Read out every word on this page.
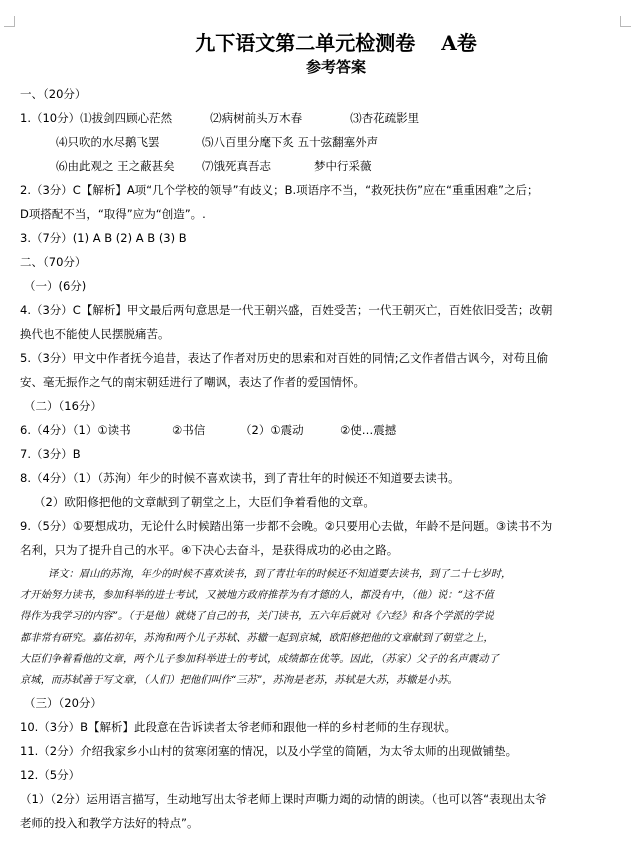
九下语文第二单元检测卷 A卷
参考答案
一、（20分）
1.（10分）⑴拔剑四顾心茫然	⑵病树前头万木春	⑶杏花疏影里
⑷只吹的水尽鹅飞罢	⑸八百里分麾下炙 五十弦翻塞外声
⑹由此观之 王之蔽甚矣 ⑺饿死真吾志	梦中行采薇
2.（3分）C【解析】A项“几个学校的领导”有歧义；B.项语序不当，“救死扶伤”应在“重重困难”之后；
D项搭配不当，“取得”应为“创造”。.
3.（7分）(1) A B (2) A B (3) B
二、（70分）
（一）(6分)
4.（3分）C【解析】甲文最后两句意思是一代王朝兴盛，百姓受苦；一代王朝灭亡，百姓依旧受苦；改朝
换代也不能使人民摆脱痛苦。
5.（3分）甲文中作者抚今追昔，表达了作者对历史的思索和对百姓的同情;乙文作者借古讽今，对苟且偷
安、毫无振作之气的南宋朝廷进行了嘲讽，表达了作者的爱国情怀。
（二）（16分）
6.（4分）（1）①读书	②书信	（2）①震动	②使…震撼
7.（3分）B
8.（4分）（1）（苏洵）年少的时候不喜欢读书，到了青壮年的时候还不知道要去读书。
（2）欧阳修把他的文章献到了朝堂之上，大臣们争着看他的文章。
9.（5分）①要想成功，无论什么时候踏出第一步都不会晚。②只要用心去做，年龄不是问题。③读书不为
名利，只为了提升自己的水平。④下决心去奋斗，是获得成功的必由之路。
译文：眉山的苏洵，年少的时候不喜欢读书，到了青壮年的时候还不知道要去读书，到了二十七岁时，
才开始努力读书，参加科举的进士考试，又被地方政府推荐为有才德的人，都没有中，（他）说：“这不值
得作为我学习的内容”。（于是他）就烧了自己的书，关门读书，五六年后就对《六经》和各个学派的学说
都非常有研究。嘉佑初年，苏洵和两个儿子苏轼、苏辙一起到京城，欧阳修把他的文章献到了朝堂之上，
大臣们争着看他的文章，两个儿子参加科举进士的考试，成绩都在优等。因此，（苏家）父子的名声震动了
京城，而苏轼善于写文章，（人们）把他们叫作“三苏”，苏洵是老苏，苏轼是大苏，苏辙是小苏。
（三）（20分）
10.（3分）B【解析】此段意在告诉读者太爷老师和跟他一样的乡村老师的生存现状。
11.（2分）介绍我家乡小山村的贫寒闭塞的情况，以及小学堂的简陋，为太爷太师的出现做铺垫。
12.（5分）
（1）（2分）运用语言描写，生动地写出太爷老师上课时声嘶力竭的动情的朗读。（也可以答“表现出太爷
老师的投入和教学方法好的特点”。
